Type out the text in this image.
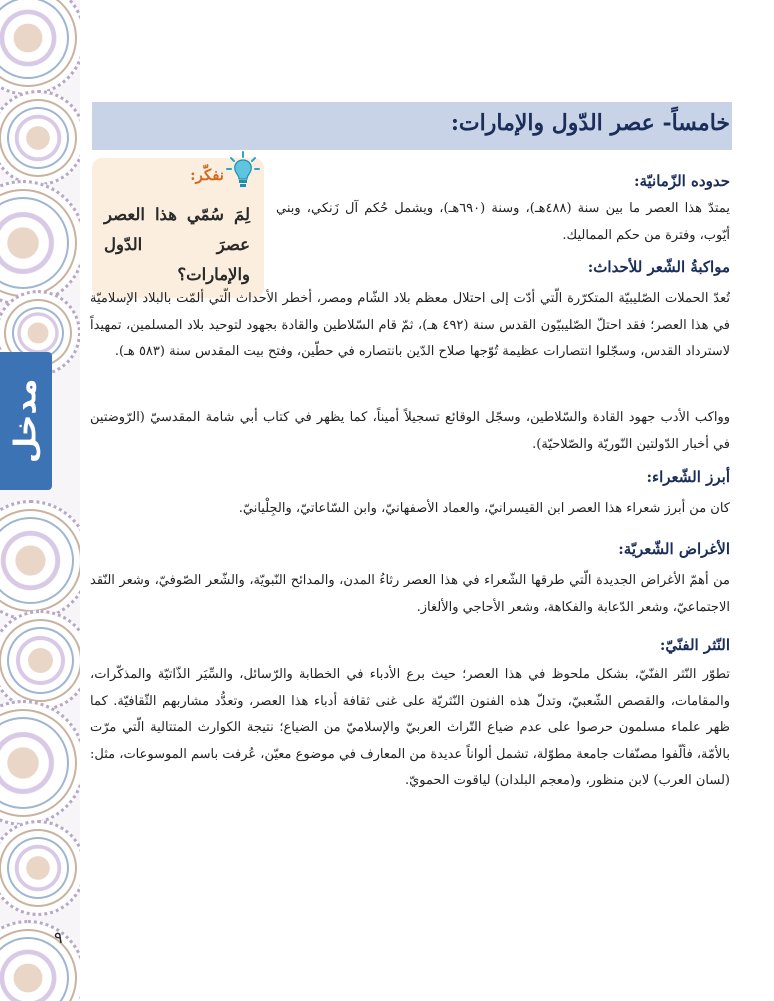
مدخل
٩
خامساً- عصر الدّول والإمارات:
نفكّر:
لِمَ سُمّي هذا العصر عصرَ الدّول والإمارات؟
حدوده الزّمانيّة:
يمتدّ هذا العصر ما بين سنة (٤٨٨هـ)، وسنة (٦٩٠هـ)، ويشمل حُكم آل زَنكي، وبني أيّوب، وفترة من حكم المماليك.
مواكبةُ الشّعر للأحداث:
تُعدّ الحملات الصّليبيّة المتكرّرة الّتي أدّت إلى احتلال معظم بلاد الشّام ومصر، أخطر الأحداث الّتي ألمّت بالبلاد الإسلاميّة في هذا العصر؛ فقد احتلّ الصّليبيّون القدس سنة (٤٩٢ هـ)، ثمّ قام السّلاطين والقادة بجهود لتوحيد بلاد المسلمين، تمهيداً لاسترداد القدس، وسجّلوا انتصارات عظيمة تُوّجها صلاح الدّين بانتصاره في حطّين، وفتح بيت المقدس سنة (٥٨٣ هـ).
وواكب الأدب جهود القادة والسّلاطين، وسجّل الوقائع تسجيلاً أميناً، كما يظهر في كتاب أبي شامة المقدسيّ (الرّوضتين في أخبار الدّولتين النّوريّة والصّلاحيّة).
أبرز الشّعراء:
كان من أبرز شعراء هذا العصر ابن القيسرانيّ، والعماد الأصفهانيّ، وابن السّاعاتيّ، والجِلْيانيّ.
الأغراض الشّعريّة:
من أهمّ الأغراض الجديدة الّتي طرقها الشّعراء في هذا العصر رثاءُ المدن، والمدائح النّبويّة، والشّعر الصّوفيّ، وشعر النّقد الاجتماعيّ، وشعر الدّعابة والفكاهة، وشعر الأحاجي والألغاز.
النّثر الفنّيّ:
تطوّر النّثر الفنّيّ، بشكل ملحوظ في هذا العصر؛ حيث برع الأدباء في الخطابة والرّسائل، والسِّيَر الذّاتيّة والمذكّرات، والمقامات، والقصص الشّعبيّ، وتدلّ هذه الفنون النّثريّة على غنى ثقافة أدباء هذا العصر، وتعدُّد مشاربهم الثّقافيّة. كما ظهر علماء مسلمون حرصوا على عدم ضياع التّراث العربيّ والإسلاميّ من الضياع؛ نتيجة الكوارث المتتالية الّتي مرّت بالأمّة، فألّفوا مصنّفات جامعة مطوّلة، تشمل ألواناً عديدة من المعارف في موضوع معيّن، عُرفت باسم الموسوعات، مثل: (لسان العرب) لابن منظور، و(معجم البلدان) لياقوت الحمويّ.
